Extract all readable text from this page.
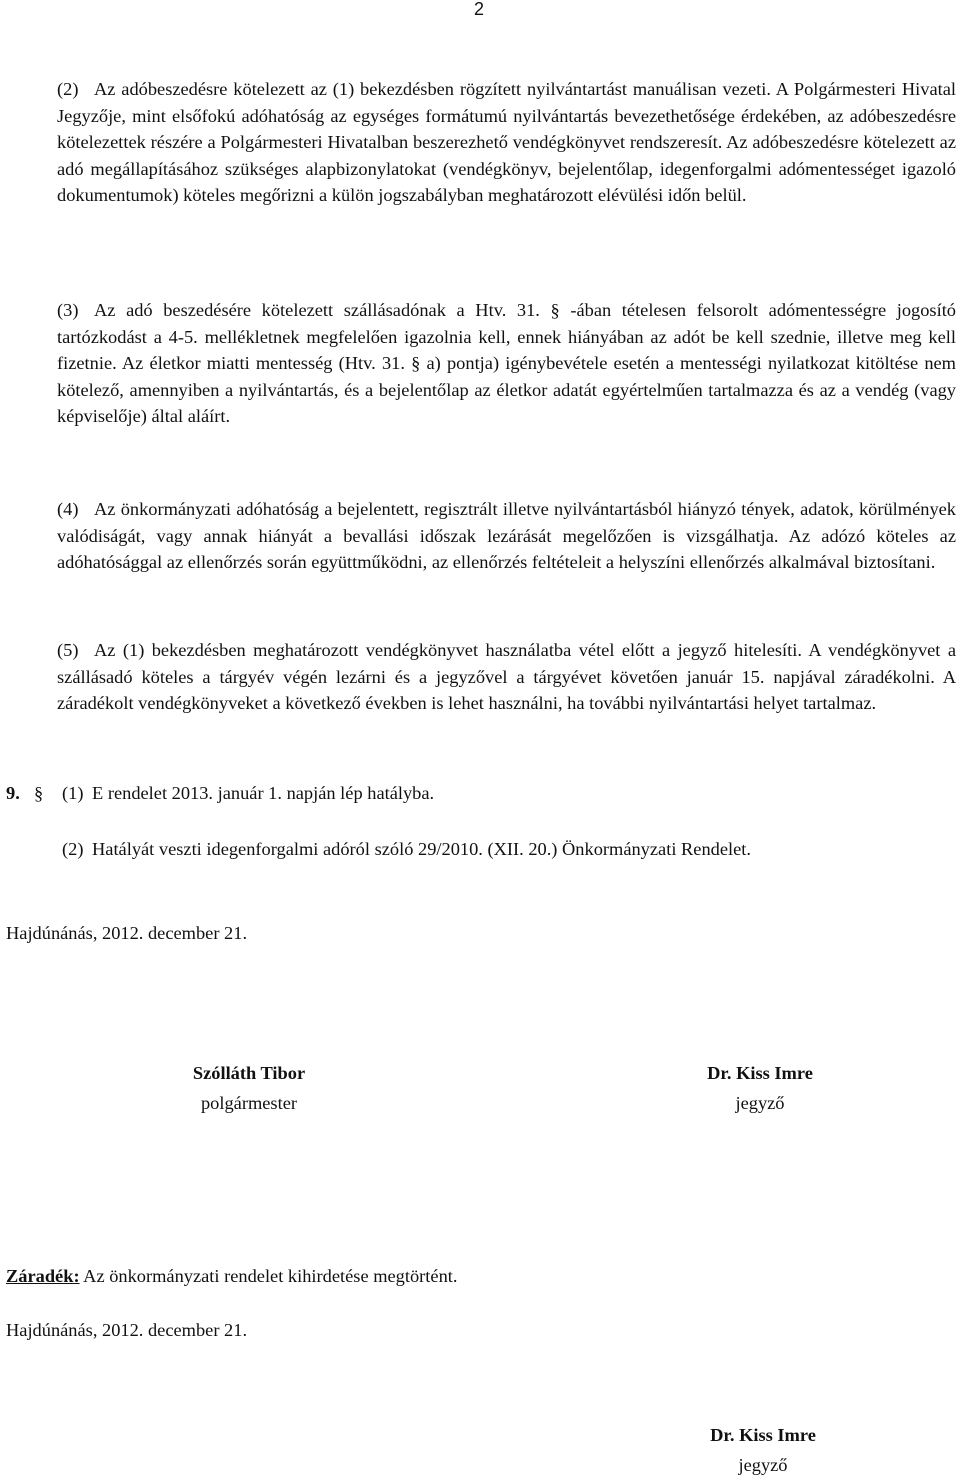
2
(2) Az adóbeszedésre kötelezett az (1) bekezdésben rögzített nyilvántartást manuálisan vezeti. A Polgármesteri Hivatal Jegyzője, mint elsőfokú adóhatóság az egységes formátumú nyilvántartás bevezethetősége érdekében, az adóbeszedésre kötelezettek részére a Polgármesteri Hivatalban beszerezhető vendégkönyvet rendszeresít. Az adóbeszedésre kötelezett az adó megállapításához szükséges alapbizonylatokat (vendégkönyv, bejelentőlap, idegenforgalmi adómentességet igazoló dokumentumok) köteles megőrizni a külön jogszabályban meghatározott elévülési időn belül.
(3) Az adó beszedésére kötelezett szállásadónak a Htv. 31. § -ában tételesen felsorolt adómentességre jogosító tartózkodást a 4-5. mellékletnek megfelelően igazolnia kell, ennek hiányában az adót be kell szednie, illetve meg kell fizetnie. Az életkor miatti mentesség (Htv. 31. § a) pontja) igénybevétele esetén a mentességi nyilatkozat kitöltése nem kötelező, amennyiben a nyilvántartás, és a bejelentőlap az életkor adatát egyértelműen tartalmazza és az a vendég (vagy képviselője) által aláírt.
(4) Az önkormányzati adóhatóság a bejelentett, regisztrált illetve nyilvántartásból hiányzó tények, adatok, körülmények valódiságát, vagy annak hiányát a bevallási időszak lezárását megelőzően is vizsgálhatja. Az adózó köteles az adóhatósággal az ellenőrzés során együttműködni, az ellenőrzés feltételeit a helyszíni ellenőrzés alkalmával biztosítani.
(5) Az (1) bekezdésben meghatározott vendégkönyvet használatba vétel előtt a jegyző hitelesíti. A vendégkönyvet a szállásadó köteles a tárgyév végén lezárni és a jegyzővel a tárgyévet követően január 15. napjával záradékolni. A záradékolt vendégkönyveket a következő években is lehet használni, ha további nyilvántartási helyet tartalmaz.
9. § (1) E rendelet 2013. január 1. napján lép hatályba.
(2) Hatályát veszti idegenforgalmi adóról szóló 29/2010. (XII. 20.) Önkormányzati Rendelet.
Hajdúnánás, 2012. december 21.
Szólláth Tibor
polgármester
Dr. Kiss Imre
jegyző
Záradék: Az önkormányzati rendelet kihirdetése megtörtént.
Hajdúnánás, 2012. december 21.
Dr. Kiss Imre
jegyző
